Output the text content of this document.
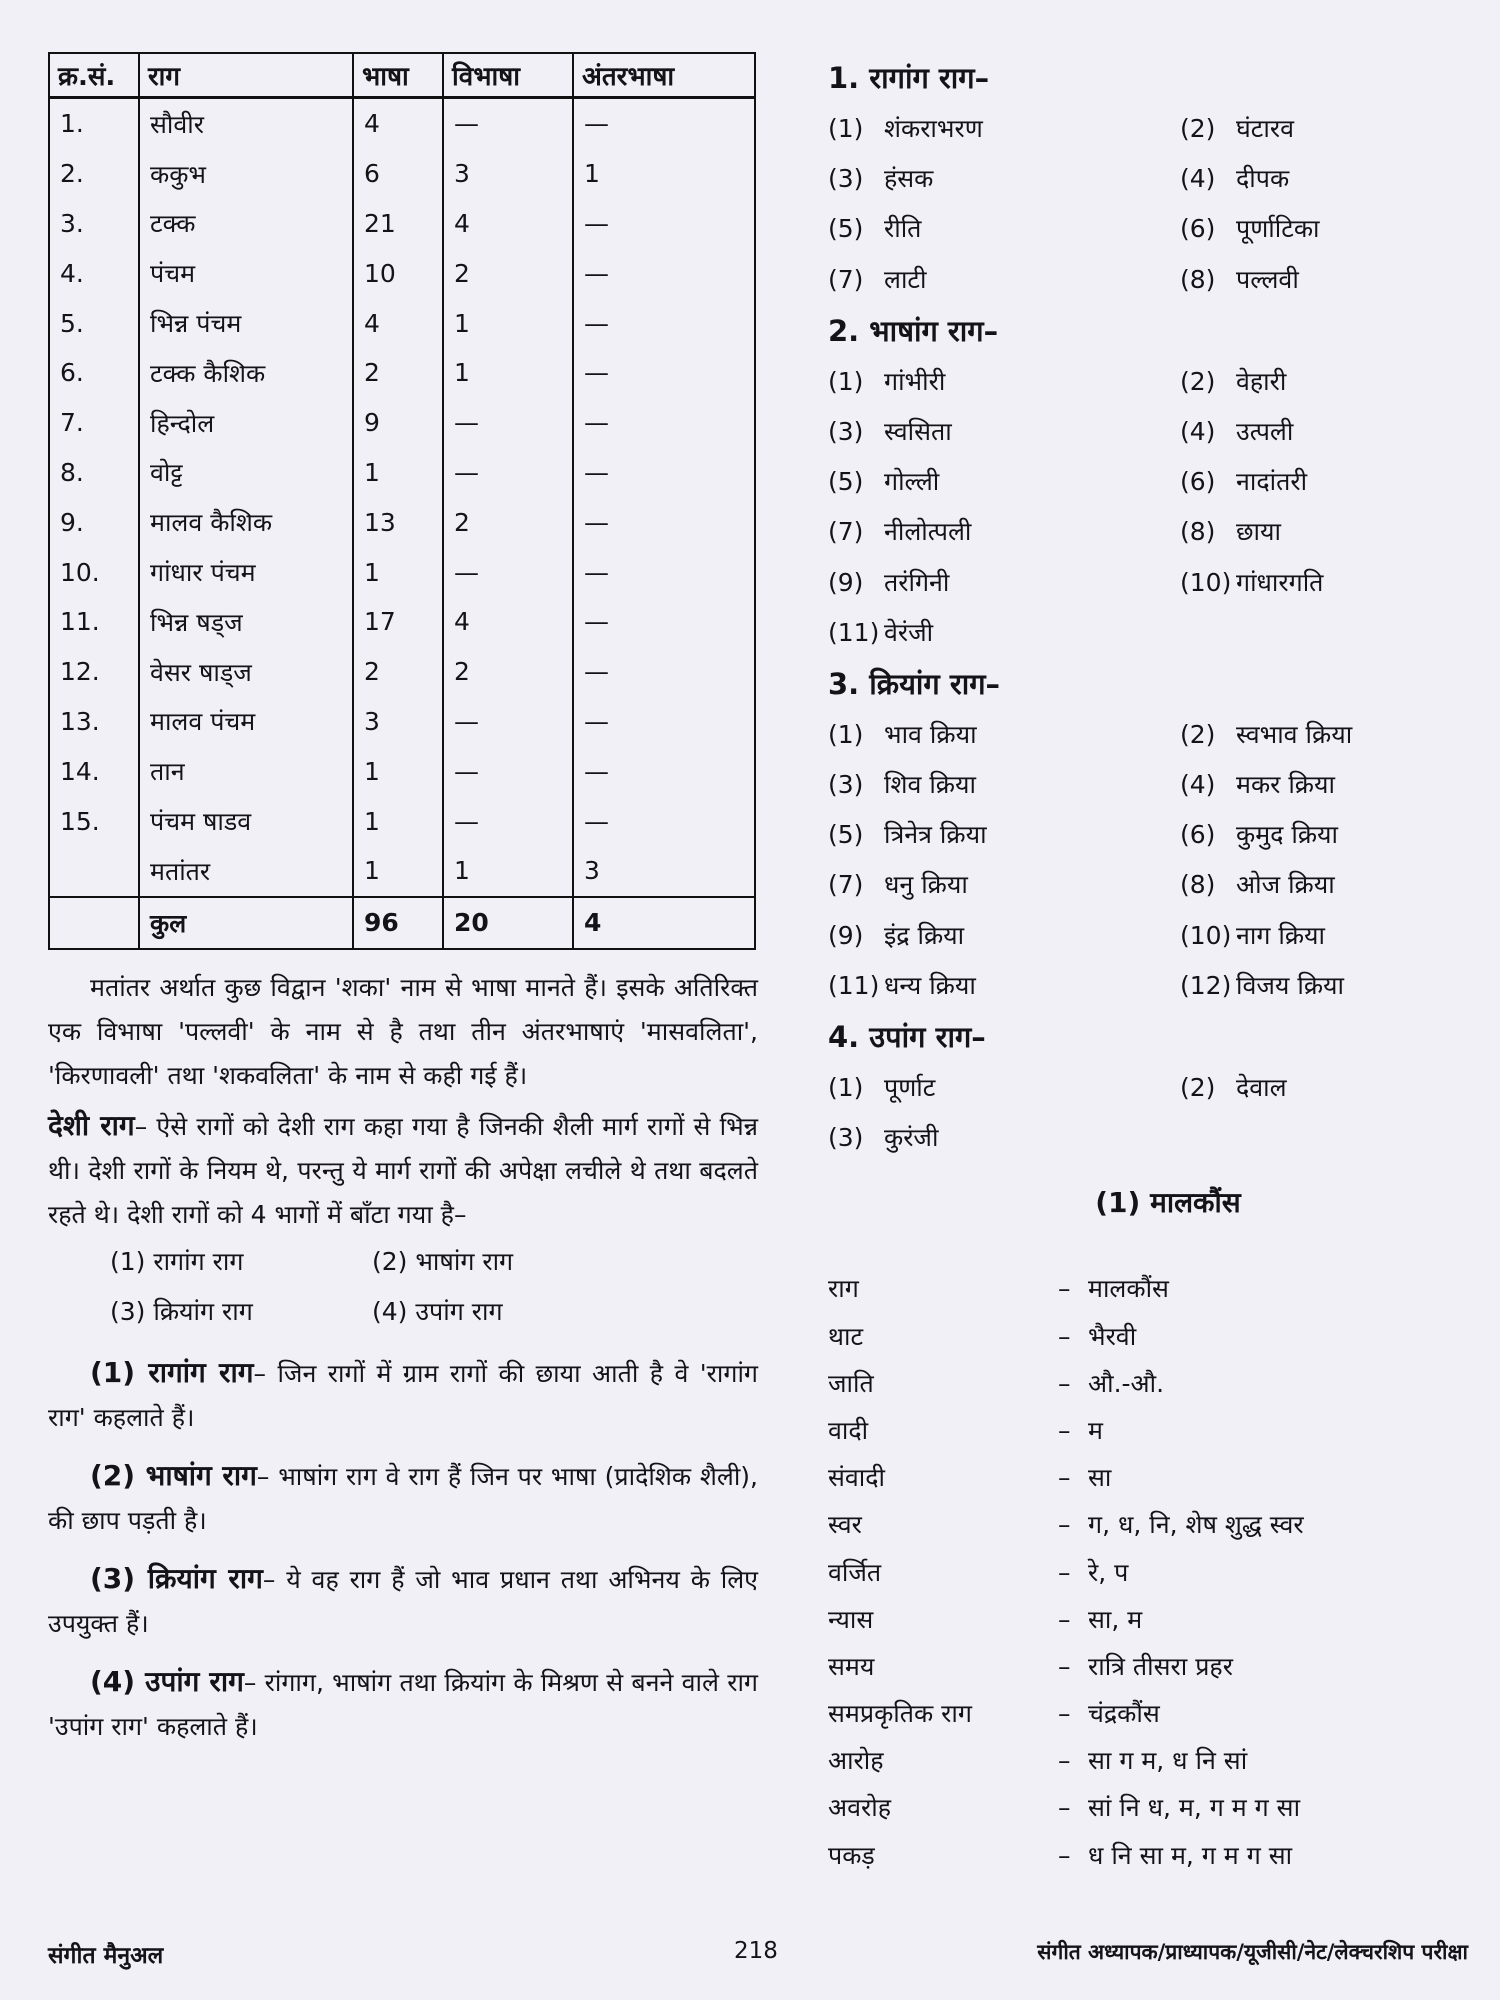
क्र.सं.	राग	भाषा	विभाषा	अंतरभाषा
1.	सौवीर	4	—	—
2.	ककुभ	6	3	1
3.	टक्क	21	4	—
4.	पंचम	10	2	—
5.	भिन्न पंचम	4	1	—
6.	टक्क कैशिक	2	1	—
7.	हिन्दोल	9	—	—
8.	वोट्ट	1	—	—
9.	मालव कैशिक	13	2	—
10.	गांधार पंचम	1	—	—
11.	भिन्न षड्ज	17	4	—
12.	वेसर षाड्ज	2	2	—
13.	मालव पंचम	3	—	—
14.	तान	1	—	—
15.	पंचम षाडव	1	—	—
	मतांतर	1	1	3
	कुल	96	20	4

मतांतर अर्थात कुछ विद्वान 'शका' नाम से भाषा मानते हैं। इसके अतिरिक्त एक विभाषा 'पल्लवी' के नाम से है तथा तीन अंतरभाषाएं 'मासवलिता', 'किरणावली' तथा 'शकवलिता' के नाम से कही गई हैं।

देशी राग– ऐसे रागों को देशी राग कहा गया है जिनकी शैली मार्ग रागों से भिन्न थी। देशी रागों के नियम थे, परन्तु ये मार्ग रागों की अपेक्षा लचीले थे तथा बदलते रहते थे। देशी रागों को 4 भागों में बाँटा गया है–

(1) रागांग राग	(2) भाषांग राग
(3) क्रियांग राग	(4) उपांग राग

(1) रागांग राग– जिन रागों में ग्राम रागों की छाया आती है वे 'रागांग राग' कहलाते हैं।

(2) भाषांग राग– भाषांग राग वे राग हैं जिन पर भाषा (प्रादेशिक शैली), की छाप पड़ती है।

(3) क्रियांग राग– ये वह राग हैं जो भाव प्रधान तथा अभिनय के लिए उपयुक्त हैं।

(4) उपांग राग– रांगाग, भाषांग तथा क्रियांग के मिश्रण से बनने वाले राग 'उपांग राग' कहलाते हैं।

1. रागांग राग–

(1) शंकराभरण	(2) घंटारव
(3) हंसक	(4) दीपक
(5) रीति	(6) पूर्णाटिका
(7) लाटी	(8) पल्लवी

2. भाषांग राग–

(1) गांभीरी	(2) वेहारी
(3) स्वसिता	(4) उत्पली
(5) गोल्ली	(6) नादांतरी
(7) नीलोत्पली	(8) छाया
(9) तरंगिनी	(10) गांधारगति
(11) वेरंजी

3. क्रियांग राग–

(1) भाव क्रिया	(2) स्वभाव क्रिया
(3) शिव क्रिया	(4) मकर क्रिया
(5) त्रिनेत्र क्रिया	(6) कुमुद क्रिया
(7) धनु क्रिया	(8) ओज क्रिया
(9) इंद्र क्रिया	(10) नाग क्रिया
(11) धन्य क्रिया	(12) विजय क्रिया

4. उपांग राग–

(1) पूर्णाट	(2) देवाल
(3) कुरंजी

(1) मालकौंस

राग	– मालकौंस
थाट	– भैरवी
जाति	– औ.-औ.
वादी	– म
संवादी	– सा
स्वर	– ग, ध, नि, शेष शुद्ध स्वर
वर्जित	– रे, प
न्यास	– सा, म
समय	– रात्रि तीसरा प्रहर
समप्रकृतिक राग	– चंद्रकौंस
आरोह	– सा ग म, ध नि सां
अवरोह	– सां नि ध, म, ग म ग सा
पकड़	– ध नि सा म, ग म ग सा
संगीत मैनुअल	218	संगीत अध्यापक/प्राध्यापक/यूजीसी/नेट/लेक्चरशिप परीक्षा
